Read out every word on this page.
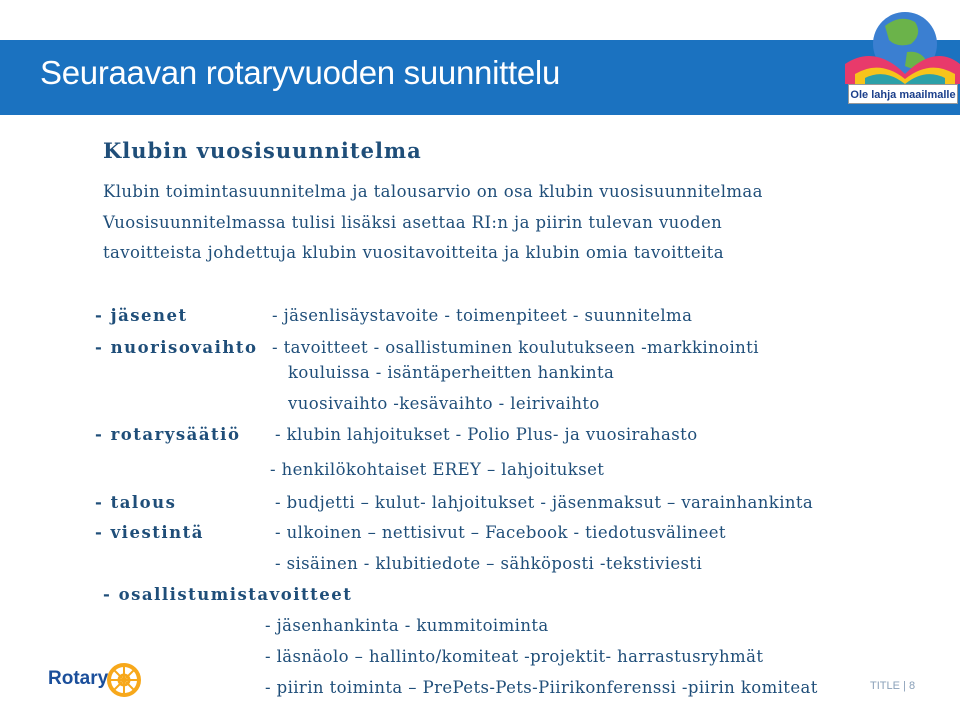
Seuraavan rotaryvuoden suunnittelu
Ole lahja maailmalle
Klubin vuosisuunnitelma
Klubin toimintasuunnitelma ja talousarvio on osa klubin vuosisuunnitelmaa
Vuosisuunnitelmassa tulisi lisäksi asettaa RI:n ja piirin tulevan vuoden
tavoitteista johdettuja klubin vuositavoitteita ja klubin omia tavoitteita
- jäsenet	- jäsenlisäystavoite - toimenpiteet - suunnitelma
- nuorisovaihto - tavoitteet - osallistuminen koulutukseen -markkinointi
kouluissa - isäntäperheitten hankinta
vuosivaihto -kesävaihto - leirivaihto
- rotarysäätiö - klubin lahjoitukset - Polio Plus- ja vuosirahasto
- henkilökohtaiset EREY – lahjoitukset
- talous	- budjetti – kulut- lahjoitukset - jäsenmaksut – varainhankinta
- viestintä	- ulkoinen – nettisivut – Facebook - tiedotusvälineet
- sisäinen - klubitiedote – sähköposti -tekstiviesti
- osallistumistavoitteet
- jäsenhankinta - kummitoiminta
- läsnäolo – hallinto/komiteat -projektit- harrastusryhmät
- piirin toiminta – PrePets-Pets-Piirikonferenssi -piirin komiteat
Rotary	TITLE | 8
